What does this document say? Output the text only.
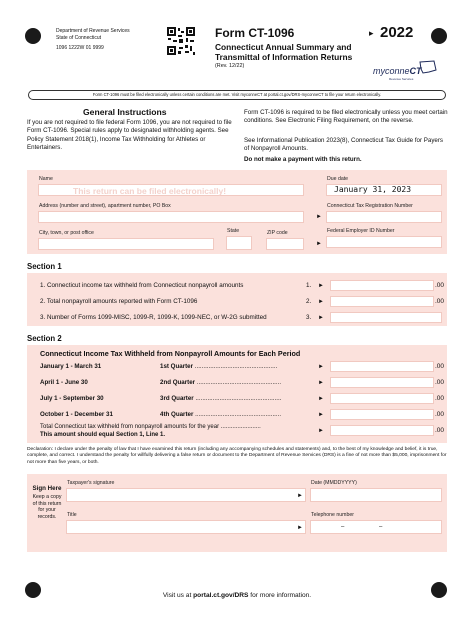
Department of Revenue Services
State of Connecticut
1096 1222W 01 9999
Form CT-1096
Connecticut Annual Summary and
Transmittal of Information Returns
(Rev. 12/22)
▸ 2022
myconneCT
Revenue Services
Form CT-1096 must be filed electronically unless certain conditions are met. Visit myconneCT at portal.ct.gov/DRS-myconneCT to file your return electronically.
General Instructions
If you are not required to file federal Form 1096, you are not required to file Form CT-1096. Special rules apply to designated withholding agents. See Policy Statement 2018(1), Income Tax Withholding for Athletes or Entertainers.
Form CT-1096 is required to be filed electronically unless you meet certain conditions. See Electronic Filing Requirement, on the reverse.
See Informational Publication 2023(8), Connecticut Tax Guide for Payers of Nonpayroll Amounts.
Do not make a payment with this return.
Name
This return can be filed electronically!
Due date
January 31, 2023
Address (number and street), apartment number, PO Box
►
Connecticut Tax Registration Number
City, town, or post office	State	ZIP code
►
Federal Employer ID Number
Section 1
1. Connecticut income tax withheld from Connecticut nonpayroll amounts	1. ►	.00
2. Total nonpayroll amounts reported with Form CT-1096	2. ►	.00
3. Number of Forms 1099-MISC, 1099-R, 1099-K, 1099-NEC, or W-2G submitted	3. ►
Section 2
Connecticut Income Tax Withheld from Nonpayroll Amounts for Each Period
January 1 - March 31	1st Quarter ................................................	►	.00
April 1 - June 30	2nd Quarter .................................................	►	.00
July 1 - September 30	3rd Quarter ..................................................	►	.00
October 1 - December 31	4th Quarter ..................................................	►	.00
Total Connecticut tax withheld from nonpayroll amounts for the year ........................
This amount should equal Section 1, Line 1.
►	.00
Declaration: I declare under the penalty of law that I have examined this return (including any accompanying schedules and statements) and, to the best of my knowledge and belief, it is true, complete, and correct. I understand the penalty for willfully delivering a false return or document to the Department of Revenue Services (DRS) is a fine of not more than $5,000, imprisonment for not more than five years, or both.
Sign Here
Keep a copy of this return for your records.
Taxpayer's signature
►
Date (MMDDYYYY)
Title
►
Telephone number
–	–
Visit us at portal.ct.gov/DRS for more information.
